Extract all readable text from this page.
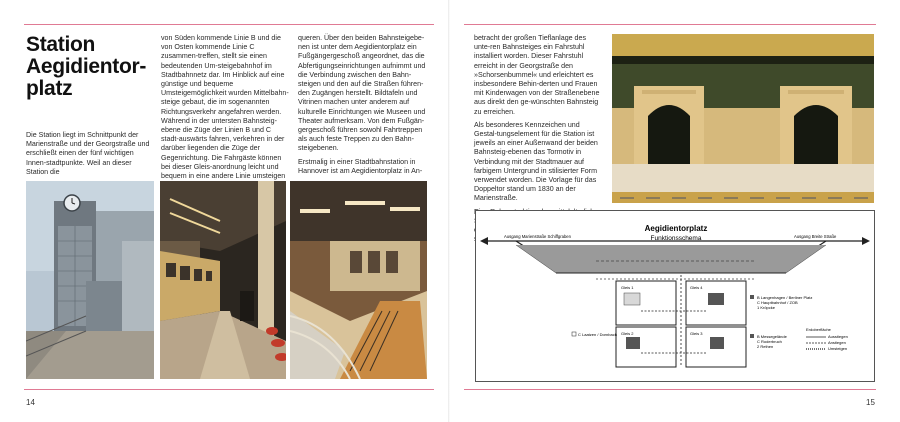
Station
Aegidientor-
platz

Die Station liegt im Schnittpunkt der Marienstraße und der Georgstraße und erschließt einen der fünf wichtigen Innen-stadtpunkte. Weil an dieser Station die

von Süden kommende Linie B und die von Osten kommende Linie C zusammen-treffen, stellt sie einen bedeutenden Um-steigebahnhof im Stadtbahnnetz dar. Im Hinblick auf eine günstige und bequeme Umsteigemöglichkeit wurden Mittelbahn-steige gebaut, die im sogenannten Richtungsverkehr angefahren werden. Während in der untersten Bahnsteig-ebene die Züge der Linien B und C stadt-auswärts fahren, verkehren in der darüber liegenden die Züge der Gegenrichtung. Die Fahrgäste können bei dieser Gleis-anordnung leicht und bequem in eine andere Linie umsteigen

queren. Über den beiden Bahnsteigebe-nen ist unter dem Aegidientorplatz ein Fußgängergeschoß angeordnet, das die Abfertigungseinrichtungen aufnimmt und die Verbindung zwischen den Bahn-steigen und den auf die Straßen führen-den Zugängen herstellt. Bildtafeln und Vitrinen machen unter anderem auf kulturelle Einrichtungen wie Museen und Theater aufmerksam. Von dem Fußgän-gergeschoß führen sowohl Fahrtreppen als auch feste Treppen zu den Bahn-steigebenen.

Erstmalig in einer Stadtbahnstation in Hannover ist am Aegidientorplatz in An-

14

betracht der großen Tieflanlage des unte-ren Bahnsteiges ein Fahrstuhl installiert worden. Dieser Fahrstuhl erreicht in der Georgstraße den »Schorsenbummel« und erleichtert es insbesondere Behin-derten und Frauen mit Kinderwagen von der Straßenebene aus direkt den ge-wünschten Bahnsteig zu erreichen.

Als besonderes Kennzeichen und Gestal-tungselement für die Station ist jeweils an einer Außenwand der beiden Bahnsteig-ebenen das Tormotiv in Verbindung mit der Stadtmauer auf farbigem Untergrund in stilisierter Form verwendet worden. Die Vorlage für das Doppeltor stand um 1830 an der Marienstraße.

15
Aegidientorplatz
Funktionsschema
Ausgang Marienstraße Schiffgraben	Ausgang Breite Straße
Gleis 1	Gleis 4
Gleis 2	Gleis 3
B Langenhagen / Berliner Platz
C Hauptbahnhof / ZOB
1 Kröpcke
B Messegelände
C Roderbruch
2 Rethen
C Laatzen / Dornbach
Erdoberfläche
Ausstiegen
Anstiegen
Umsteigen
